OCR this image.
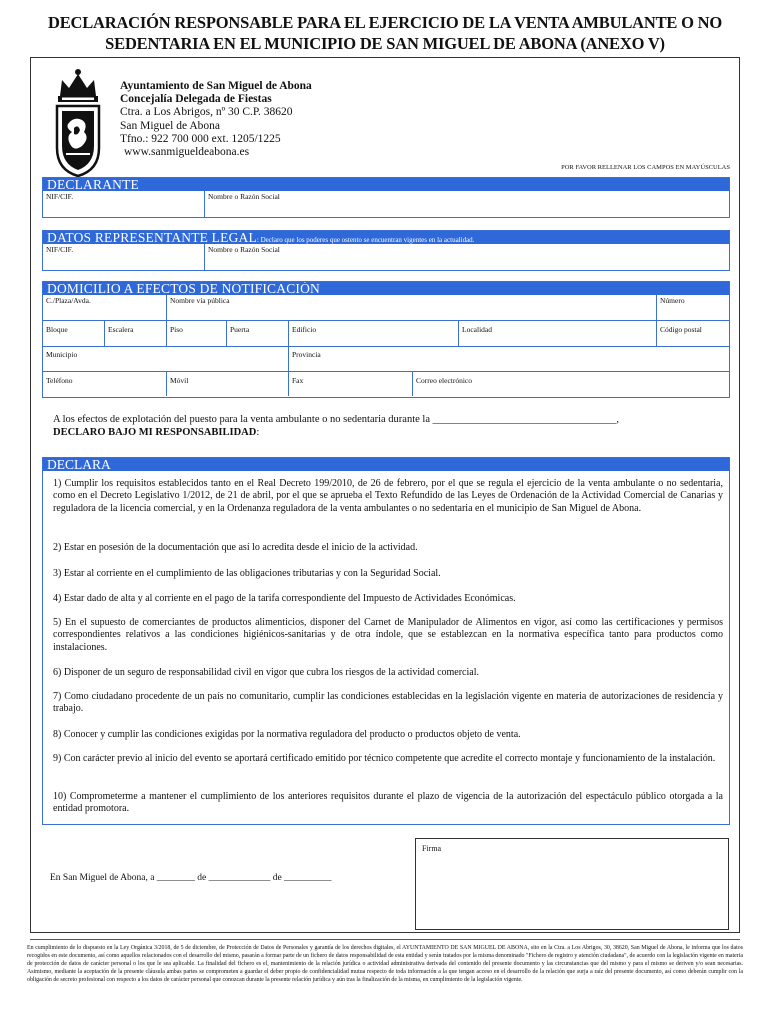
DECLARACIÓN RESPONSABLE PARA EL EJERCICIO DE LA VENTA AMBULANTE O NO SEDENTARIA EN EL MUNICIPIO DE SAN MIGUEL DE ABONA (ANEXO V)
Ayuntamiento de San Miguel de Abona
Concejalía Delegada de Fiestas
Ctra. a Los Abrigos, nº 30 C.P. 38620
San Miguel de Abona
Tfno.: 922 700 000 ext. 1205/1225
www.sanmigueldeabona.es
POR FAVOR RELLENAR LOS CAMPOS EN MAYÚSCULAS
DECLARANTE
NIF/CIF.	Nombre o Razón Social
DATOS REPRESENTANTE LEGAL: Declaro que los poderes que ostento se encuentran vigentes en la actualidad.
NIF/CIF.	Nombre o Razón Social
DOMICILIO A EFECTOS DE NOTIFICACIÓN
C./Plaza/Avda.	Nombre vía pública	Número
Bloque	Escalera	Piso	Puerta	Edificio	Localidad	Código postal
Municipio	Provincia
Teléfono	Móvil	Fax	Correo electrónico
A los efectos de explotación del puesto para la venta ambulante o no sedentaria durante la ___________________________________,
DECLARO BAJO MI RESPONSABILIDAD:
DECLARA
1) Cumplir los requisitos establecidos tanto en el Real Decreto 199/2010, de 26 de febrero, por el que se regula el ejercicio de la venta ambulante o no sedentaria, como en el Decreto Legislativo 1/2012, de 21 de abril, por el que se aprueba el Texto Refundido de las Leyes de Ordenación de la Actividad Comercial de Canarias y reguladora de la licencia comercial, y en la Ordenanza reguladora de la venta ambulantes o no sedentaria en el municipio de San Miguel de Abona.
2) Estar en posesión de la documentación que así lo acredita desde el inicio de la actividad.
3) Estar al corriente en el cumplimiento de las obligaciones tributarias y con la Seguridad Social.
4) Estar dado de alta y al corriente en el pago de la tarifa correspondiente del Impuesto de Actividades Económicas.
5) En el supuesto de comerciantes de productos alimenticios, disponer del Carnet de Manipulador de Alimentos en vigor, así como las certificaciones y permisos correspondientes relativos a las condiciones higiénicos-sanitarias y de otra índole, que se establezcan en la normativa específica tanto para productos como instalaciones.
6) Disponer de un seguro de responsabilidad civil en vigor que cubra los riesgos de la actividad comercial.
7) Como ciudadano procedente de un país no comunitario, cumplir las condiciones establecidas en la legislación vigente en materia de autorizaciones de residencia y trabajo.
8) Conocer y cumplir las condiciones exigidas por la normativa reguladora del producto o productos objeto de venta.
9) Con carácter previo al inicio del evento se aportará certificado emitido por técnico competente que acredite el correcto montaje y funcionamiento de la instalación.
10) Comprometerme a mantener el cumplimiento de los anteriores requisitos durante el plazo de vigencia de la autorización del espectáculo público otorgada a la entidad promotora.
Firma
En San Miguel de Abona, a ________ de _____________ de __________
En cumplimiento de lo dispuesto en la Ley Orgánica 3/2018, de 5 de diciembre, de Protección de Datos de Personales y garantía de los derechos digitales, el AYUNTAMIENTO DE SAN MIGUEL DE ABONA, sito en la Ctra. a Los Abrigos, 30, 38620, San Miguel de Abona, le informa que los datos recogidos en este documento, así como aquellos relacionados con el desarrollo del mismo, pasarán a formar parte de un fichero de datos responsabilidad de esta entidad y serán tratados por la misma denominado "Fichero de registro y atención ciudadana", de acuerdo con la legislación vigente en materia de protección de datos de carácter personal o los que le sea aplicable. La finalidad del fichero es el, mantenimiento de la relación jurídica o actividad administrativa derivada del contenido del presente documento y las circunstancias que del mismo y para el mismo se deriven y/o sean necesarias. Asimismo, mediante la aceptación de la presente cláusula ambas partes se comprometen a guardar el deber propio de confidencialidad mutua respecto de toda información a la que tengan acceso en el desarrollo de la relación que surja a raíz del presente documento, así como deberán cumplir con la obligación de secreto profesional con respecto a los datos de carácter personal que conozcan durante la presente relación jurídica y aún tras la finalización de la misma, en cumplimiento de la legislación vigente.
